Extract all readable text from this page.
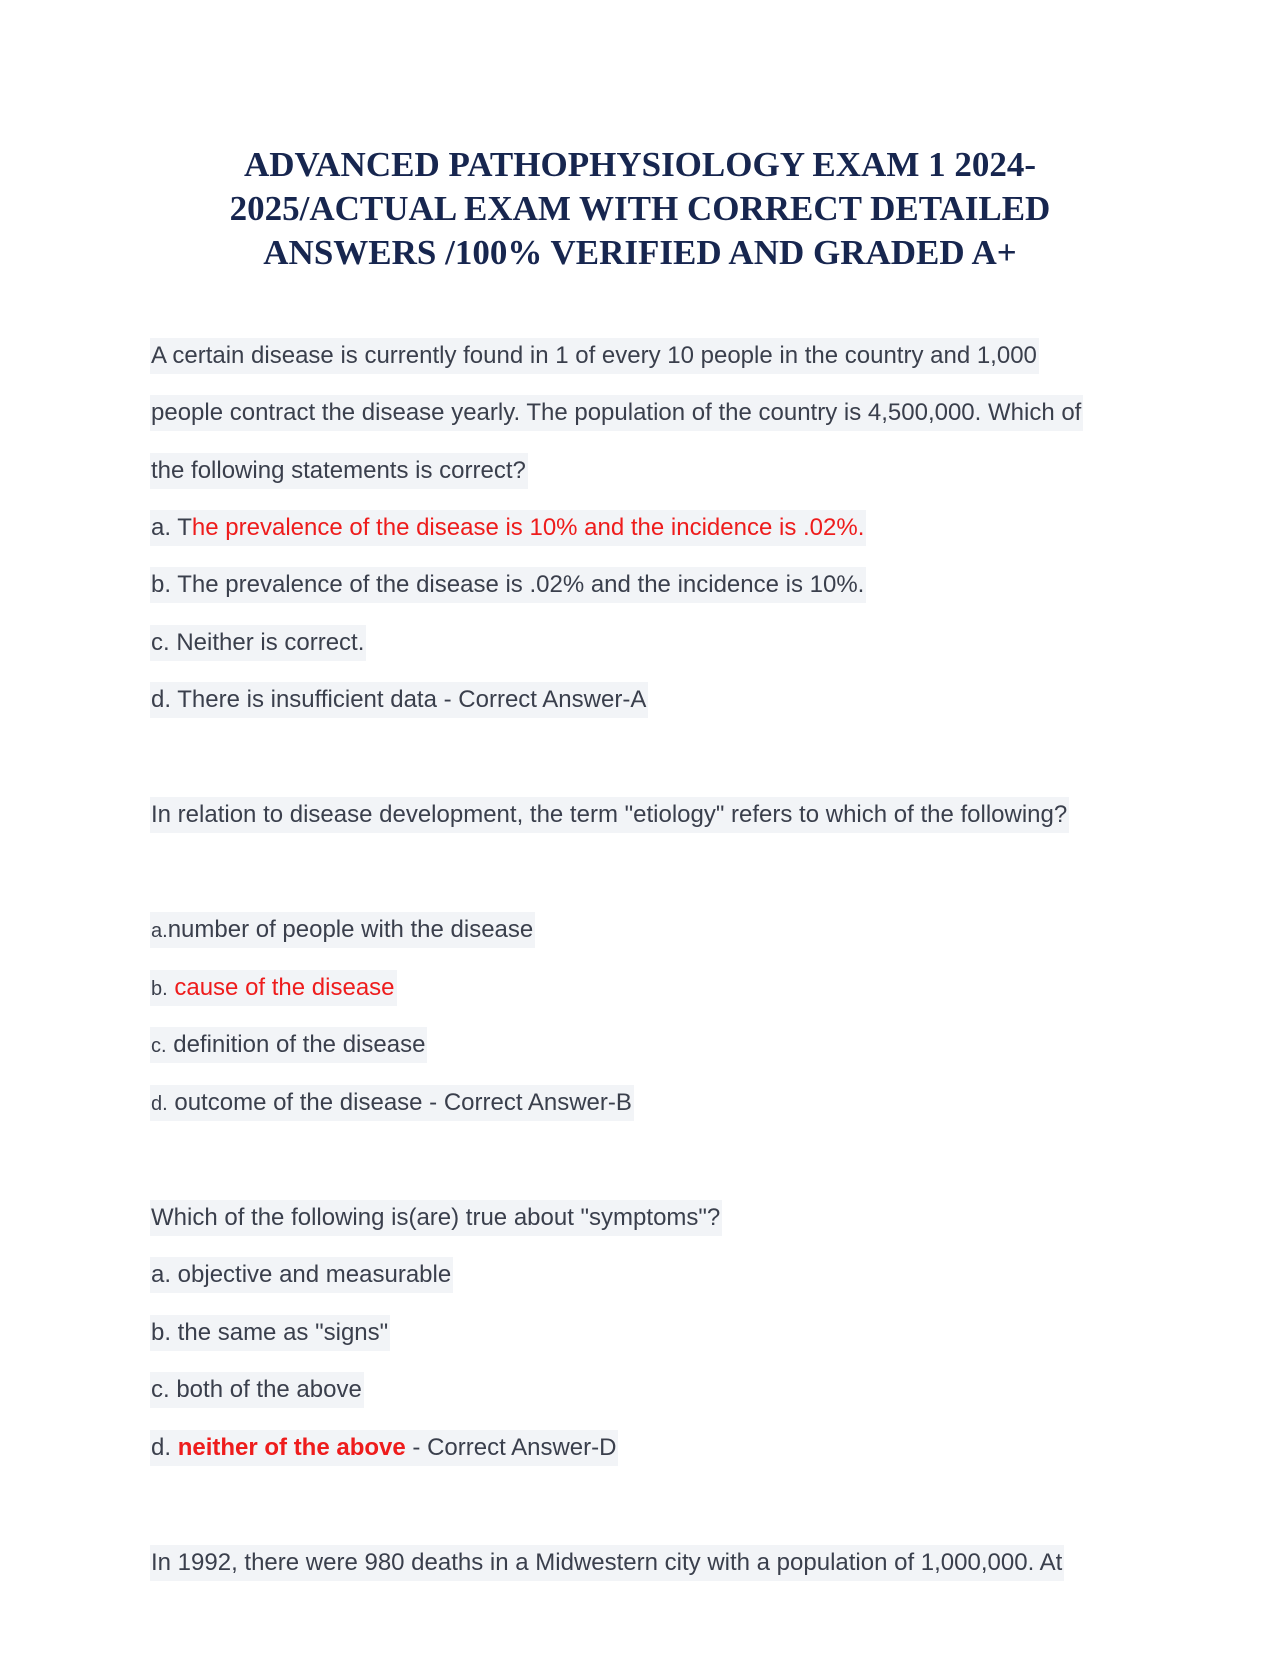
ADVANCED PATHOPHYSIOLOGY EXAM 1 2024-
2025/ACTUAL EXAM WITH CORRECT DETAILED
ANSWERS /100% VERIFIED AND GRADED A+
A certain disease is currently found in 1 of every 10 people in the country and 1,000
people contract the disease yearly. The population of the country is 4,500,000. Which of
the following statements is correct?
a. The prevalence of the disease is 10% and the incidence is .02%.
b. The prevalence of the disease is .02% and the incidence is 10%.
c. Neither is correct.
d. There is insufficient data - Correct Answer-A
In relation to disease development, the term "etiology" refers to which of the following?
a.number of people with the disease
b. cause of the disease
c. definition of the disease
d. outcome of the disease - Correct Answer-B
Which of the following is(are) true about "symptoms"?
a. objective and measurable
b. the same as "signs"
c. both of the above
d. neither of the above - Correct Answer-D
In 1992, there were 980 deaths in a Midwestern city with a population of 1,000,000. At
